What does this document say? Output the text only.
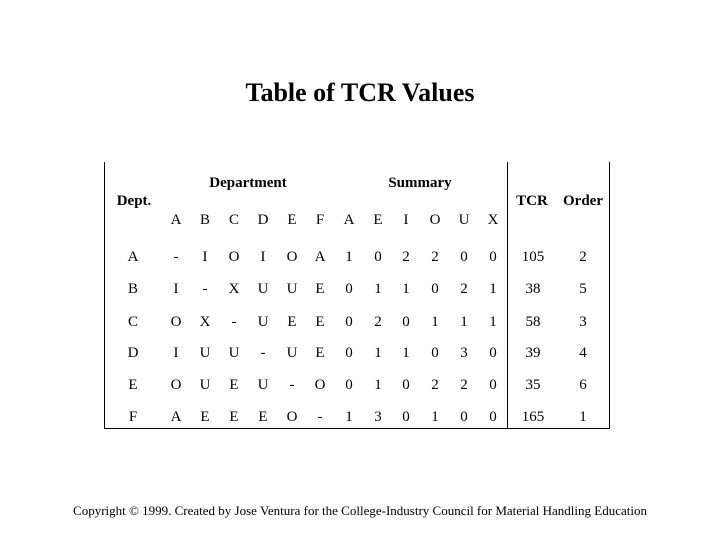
Table of TCR Values
Department	Summary
Dept.	TCR Order
A B C D E F A E I O U X
A - I O I O A 1 0 2 2 0 0 105 2
B I - X U U E 0 1 1 0 2 1 38	5
C O X - U E E 0 2 0 1 1 1 58	3
D I U U - U E 0 1 1 0 3 0 39	4
E O U E U - O 0 1 0 2 2 0 35	6
F A E E E O - 1 3 0 1 0 0 165 1
Copyright © 1999. Created by Jose Ventura for the College-Industry Council for Material Handling Education
